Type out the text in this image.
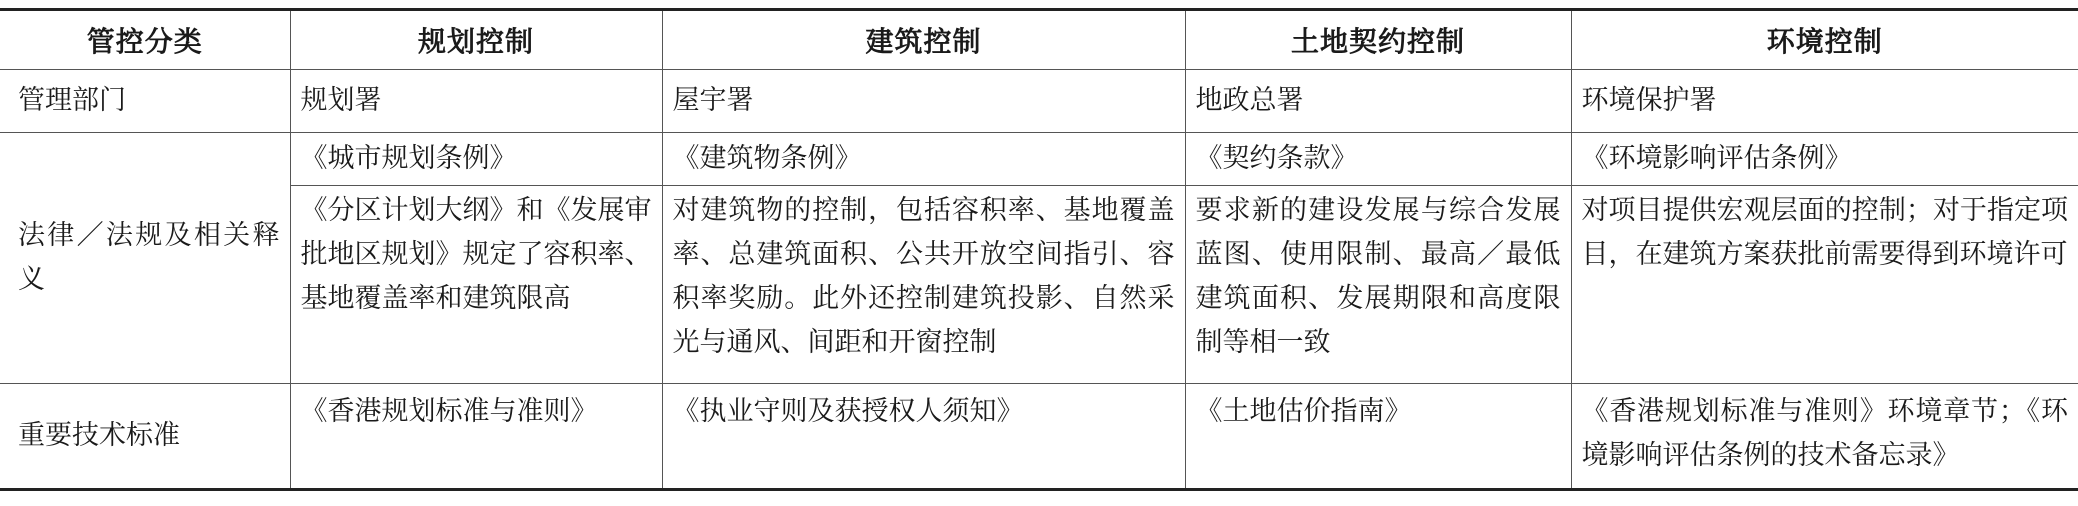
管控分类	规划控制	建筑控制	土地契约控制	环境控制
管理部门	规划署	屋宇署	地政总署	环境保护署
法律／法规及相关释义	《城市规划条例》	《建筑物条例》	《契约条款》	《环境影响评估条例》
	《分区计划大纲》和《发展审批地区规划》规定了容积率、基地覆盖率和建筑限高	对建筑物的控制，包括容积率、基地覆盖率、总建筑面积、公共开放空间指引、容积率奖励。此外还控制建筑投影、自然采光与通风、间距和开窗控制	要求新的建设发展与综合发展蓝图、使用限制、最高／最低建筑面积、发展期限和高度限制等相一致	对项目提供宏观层面的控制；对于指定项目，在建筑方案获批前需要得到环境许可
重要技术标准	《香港规划标准与准则》	《执业守则及获授权人须知》	《土地估价指南》	《香港规划标准与准则》环境章节；《环境影响评估条例的技术备忘录》
